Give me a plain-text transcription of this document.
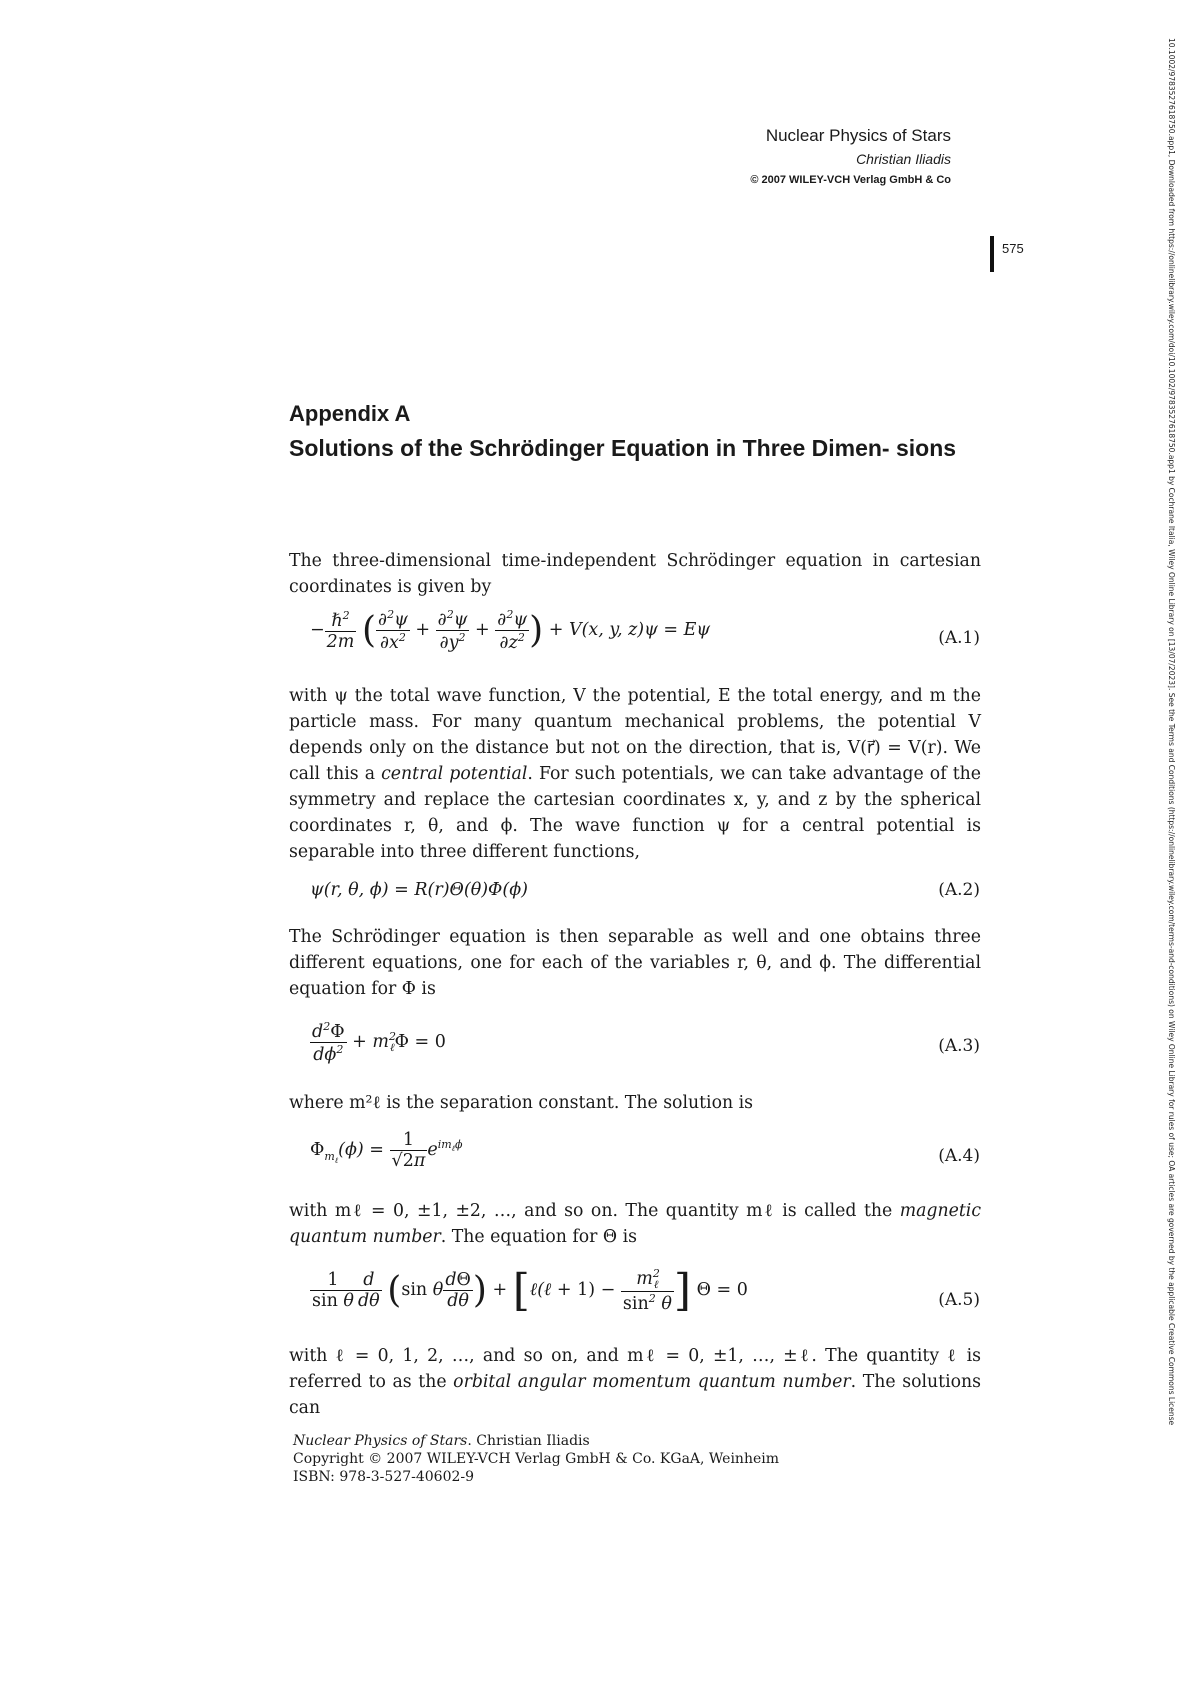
Nuclear Physics of Stars
Christian Iliadis
© 2007 WILEY-VCH Verlag GmbH & Co
575
Appendix A
Solutions of the Schrödinger Equation in Three Dimen- sions
The three-dimensional time-independent Schrödinger equation in cartesian coordinates is given by
− $\frac{\hbar^2}{2m}$ ( $\frac{\partial^2\psi}{\partial x^2} + \frac{\partial^2\psi}{\partial y^2} + \frac{\partial^2\psi}{\partial z^2}$ ) + V(x, y, z)ψ = Eψ	(A.1)
with ψ the total wave function, V the potential, E the total energy, and m the particle mass. For many quantum mechanical problems, the potential V depends only on the distance but not on the direction, that is, V(r⃗) = V(r). We call this a central potential. For such potentials, we can take advantage of the symmetry and replace the cartesian coordinates x, y, and z by the spherical coordinates r, θ, and ϕ. The wave function ψ for a central potential is separable into three different functions,
ψ(r, θ, ϕ) = R(r)Θ(θ)Φ(ϕ)	(A.2)
The Schrödinger equation is then separable as well and one obtains three different equations, one for each of the variables r, θ, and ϕ. The differential equation for Φ is
$\frac{d^2\Phi}{d\phi^2} + m^2_\ell\Phi = 0$	(A.3)
where m²ℓ is the separation constant. The solution is
$\Phi_{m_\ell}(\phi) = \frac{1}{√2\pi} e^{im_\ell\phi}$
(A.4)
with mℓ = 0, ±1, ±2, …, and so on. The quantity mℓ is called the magnetic quantum number. The equation for Θ is
$\frac{1}{\text{sin θ}} \frac{d}{d\theta} (\sin$ θ $\frac{d\Theta}{d\theta}$ ) + [ℓ(ℓ + $1) - \frac{m^2_\ell}{\sin^2 \theta}$ ] Θ = 0	(A.5)
with ℓ = 0, 1, 2, …, and so on, and mℓ = 0, ±1, …, ±ℓ. The quantity ℓ is referred to as the orbital angular momentum quantum number. The solutions can
Nuclear Physics of Stars. Christian Iliadis
Copyright © 2007 WILEY-VCH Verlag GmbH & Co. KGaA, Weinheim
ISBN: 978-3-527-40602-9
10.1002/9783527618750.app1, Downloaded from https://onlinelibrary.wiley.com/doi/10.1002/9783527618750.app1 by Cochrane Italia, Wiley Online Library on [13/07/2023]. See the Terms and Conditions (https://onlinelibrary.wiley.com/terms-and-conditions) on Wiley Online Library for rules of use; OA articles are governed by the applicable Creative Commons License
